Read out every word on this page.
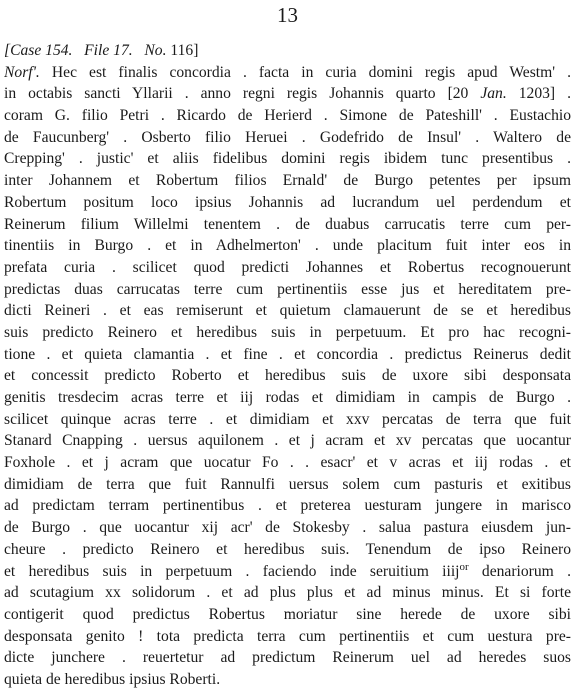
13
[Case 154. File 17. No. 116]
Norf'. Hec est finalis concordia . facta in curia domini regis apud Westm' .
in octabis sancti Yllarii . anno regni regis Johannis quarto [20 Jan. 1203] .
coram G. filio Petri . Ricardo de Herierd . Simone de Pateshill' . Eustachio
de Faucunberg' . Osberto filio Heruei . Godefrido de Insul' . Waltero de
Crepping' . justic' et aliis fidelibus domini regis ibidem tunc presentibus .
inter Johannem et Robertum filios Ernald' de Burgo petentes per ipsum
Robertum positum loco ipsius Johannis ad lucrandum uel perdendum et
Reinerum filium Willelmi tenentem . de duabus carrucatis terre cum per-
tinentiis in Burgo . et in Adhelmerton' . unde placitum fuit inter eos in
prefata curia . scilicet quod predicti Johannes et Robertus recognouerunt
predictas duas carrucatas terre cum pertinentiis esse jus et hereditatem pre-
dicti Reineri . et eas remiserunt et quietum clamauerunt de se et heredibus
suis predicto Reinero et heredibus suis in perpetuum. Et pro hac recogni-
tione . et quieta clamantia . et fine . et concordia . predictus Reinerus dedit
et concessit predicto Roberto et heredibus suis de uxore sibi desponsata
genitis tresdecim acras terre et iij rodas et dimidiam in campis de Burgo .
scilicet quinque acras terre . et dimidiam et xxv percatas de terra que fuit
Stanard Cnapping . uersus aquilonem . et j acram et xv percatas que uocantur
Foxhole . et j acram que uocatur Fo . . esacr' et v acras et iij rodas . et
dimidiam de terra que fuit Rannulfi uersus solem cum pasturis et exitibus
ad predictam terram pertinentibus . et preterea uesturam jungere in marisco
de Burgo . que uocantur xij acr' de Stokesby . salua pastura eiusdem jun-
cheure . predicto Reinero et heredibus suis. Tenendum de ipso Reinero
et heredibus suis in perpetuum . faciendo inde seruitium iiij$^{or}$ denariorum .
ad scutagium xx solidorum . et ad plus plus et ad minus minus. Et si forte
contigerit quod predictus Robertus moriatur sine herede de uxore sibi
desponsata genito ! tota predicta terra cum pertinentiis et cum uestura pre-
dicte junchere . reuertetur ad predictum Reinerum uel ad heredes suos
quieta de heredibus ipsius Roberti.
